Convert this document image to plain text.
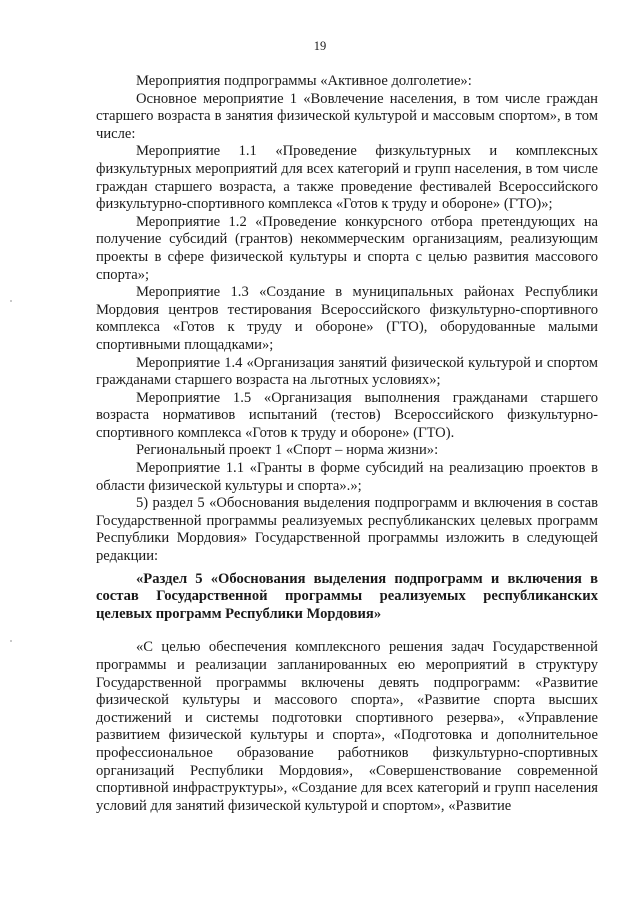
19

Мероприятия подпрограммы «Активное долголетие»:

Основное мероприятие 1 «Вовлечение населения, в том числе граждан старшего возраста в занятия физической культурой и массовым спортом», в том числе:

Мероприятие 1.1 «Проведение физкультурных и комплексных физкультурных мероприятий для всех категорий и групп населения, в том числе граждан старшего возраста, а также проведение фестивалей Всероссийского физкультурно-спортивного комплекса «Готов к труду и обороне» (ГТО)»;

Мероприятие 1.2 «Проведение конкурсного отбора претендующих на получение субсидий (грантов) некоммерческим организациям, реализующим проекты в сфере физической культуры и спорта с целью развития массового спорта»;

Мероприятие 1.3 «Создание в муниципальных районах Республики Мордовия центров тестирования Всероссийского физкультурно-спортивного комплекса «Готов к труду и обороне» (ГТО), оборудованные малыми спортивными площадками»;

Мероприятие 1.4 «Организация занятий физической культурой и спортом гражданами старшего возраста на льготных условиях»;

Мероприятие 1.5 «Организация выполнения гражданами старшего возраста нормативов испытаний (тестов) Всероссийского физкультурно-спортивного комплекса «Готов к труду и обороне» (ГТО).

Региональный проект 1 «Спорт – норма жизни»:

Мероприятие 1.1 «Гранты в форме субсидий на реализацию проектов в области физической культуры и спорта».»;

5) раздел 5 «Обоснования выделения подпрограмм и включения в состав Государственной программы реализуемых республиканских целевых программ Республики Мордовия» Государственной программы изложить в следующей редакции:

«Раздел 5 «Обоснования выделения подпрограмм и включения в состав Государственной программы реализуемых республиканских целевых программ Республики Мордовия»

«С целью обеспечения комплексного решения задач Государственной программы и реализации запланированных ею мероприятий в структуру Государственной программы включены девять подпрограмм: «Развитие физической культуры и массового спорта», «Развитие спорта высших достижений и системы подготовки спортивного резерва», «Управление развитием физической культуры и спорта», «Подготовка и дополнительное профессиональное образование работников физкультурно-спортивных организаций Республики Мордовия», «Совершенствование современной спортивной инфраструктуры», «Создание для всех категорий и групп населения условий для занятий физической культурой и спортом», «Развитие
